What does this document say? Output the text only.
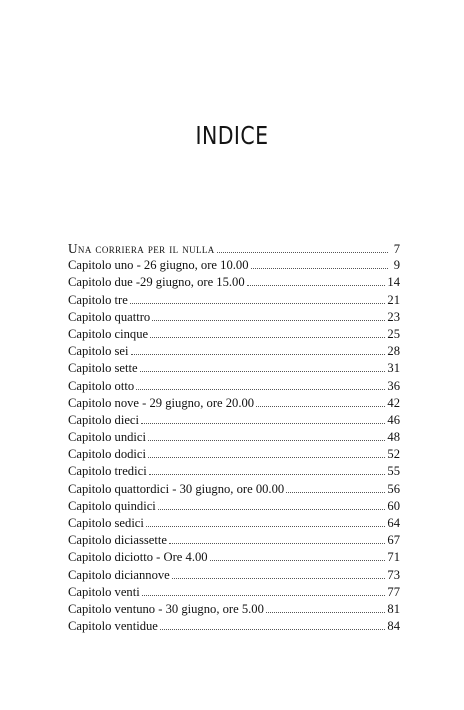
INDICE
Una corriera per il nulla	7
Capitolo uno - 26 giugno, ore 10.00	9
Capitolo due -29 giugno, ore 15.00	14
Capitolo tre	21
Capitolo quattro	23
Capitolo cinque	25
Capitolo sei	28
Capitolo sette	31
Capitolo otto	36
Capitolo nove - 29 giugno, ore 20.00	42
Capitolo dieci	46
Capitolo undici	48
Capitolo dodici	52
Capitolo tredici	55
Capitolo quattordici - 30 giugno, ore 00.00	56
Capitolo quindici	60
Capitolo sedici	64
Capitolo diciassette	67
Capitolo diciotto - Ore 4.00	71
Capitolo diciannove	73
Capitolo venti	77
Capitolo ventuno - 30 giugno, ore 5.00	81
Capitolo ventidue	84
